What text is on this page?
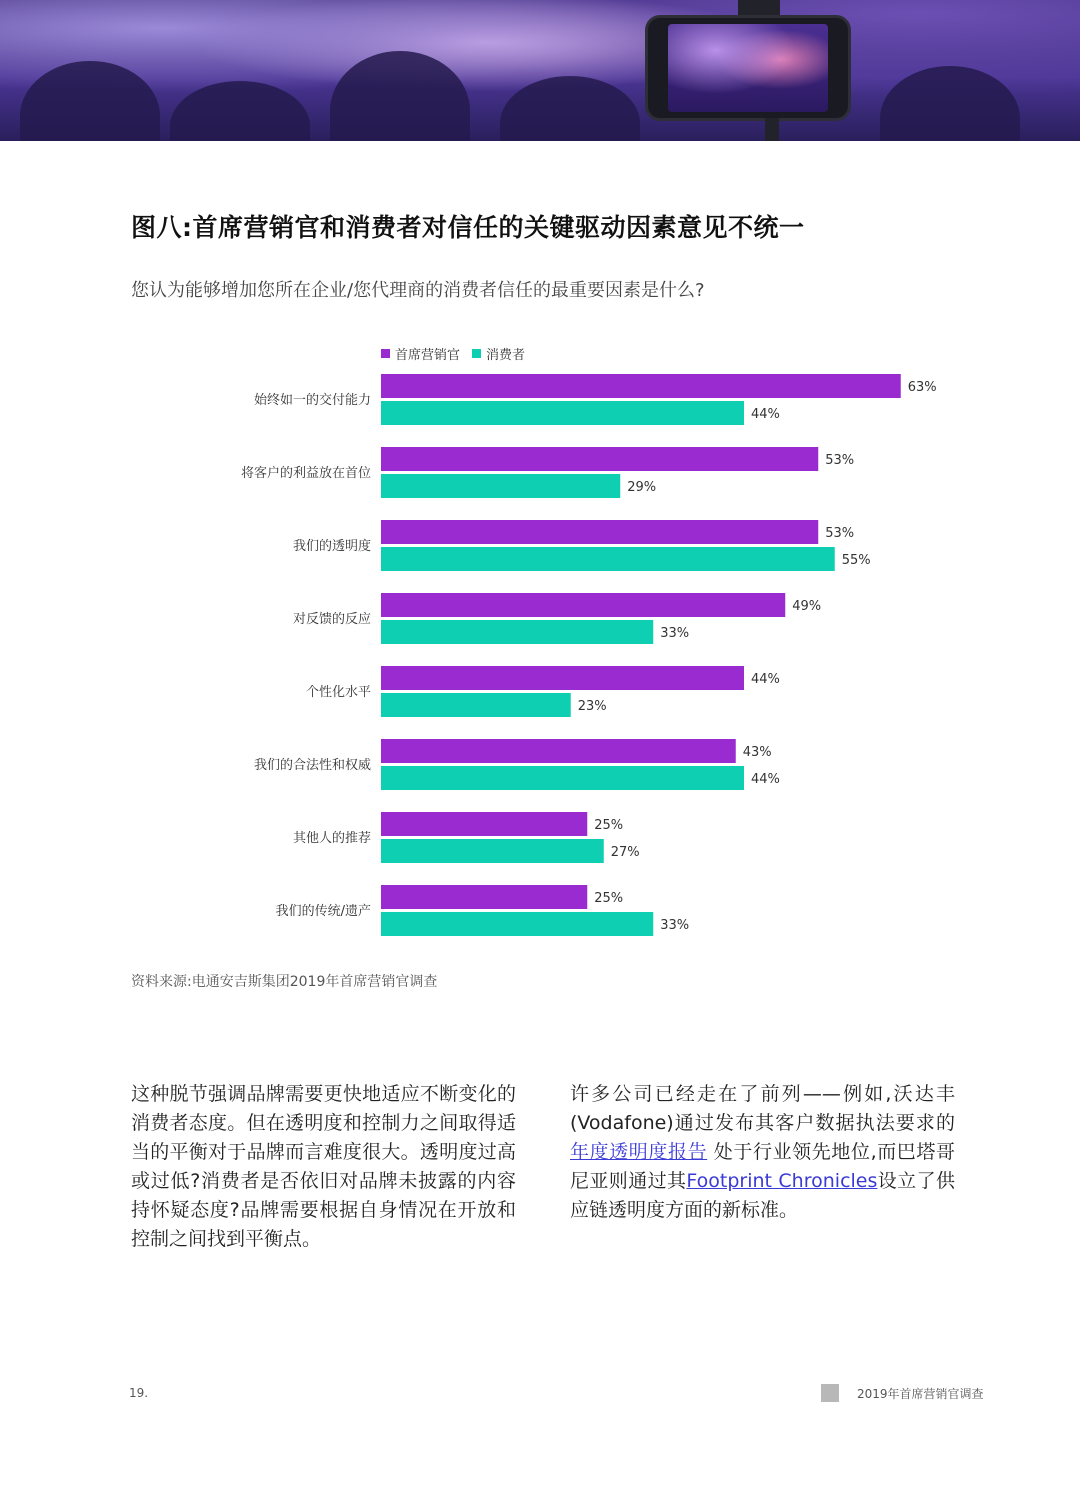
图八:首席营销官和消费者对信任的关键驱动因素意见不统一
您认为能够增加您所在企业/您代理商的消费者信任的最重要因素是什么?
首席营销官 消费者
始终如一的交付能力
63%
44%
将客户的利益放在首位
53%
29%
我们的透明度
53%
55%
对反馈的反应
49%
33%
个性化水平
44%
23%
我们的合法性和权威
43%
44%
其他人的推荐
25%
27%
我们的传统/遗产
25%
33%
资料来源:电通安吉斯集团2019年首席营销官调查
这种脱节强调品牌需要更快地适应不断变化的消费者态度。但在透明度和控制力之间取得适当的平衡对于品牌而言难度很大。透明度过高或过低?消费者是否依旧对品牌未披露的内容持怀疑态度?品牌需要根据自身情况在开放和控制之间找到平衡点。
许多公司已经走在了前列——例如,沃达丰(Vodafone)通过发布其客户数据执法要求的年度透明度报告 处于行业领先地位,而巴塔哥尼亚则通过其Footprint Chronicles设立了供应链透明度方面的新标准。
19.	2019年首席营销官调查
